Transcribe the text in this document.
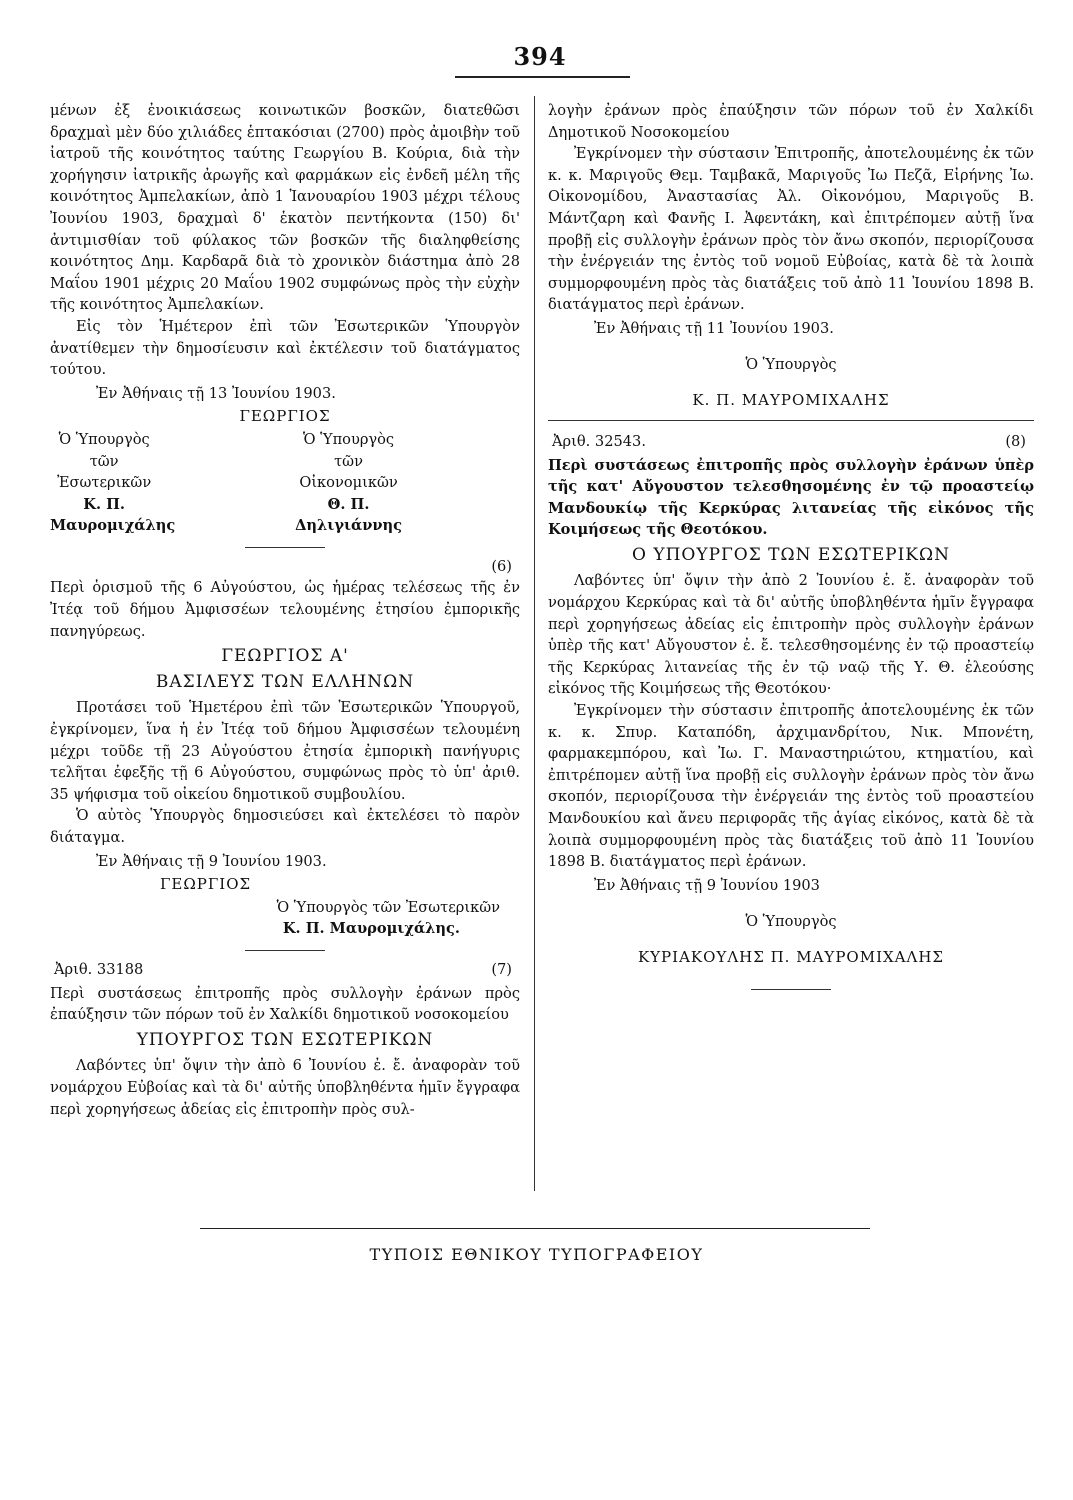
394

μένων ἐξ ἐνοικιάσεως κοινωτικῶν βοσκῶν, διατεθῶσι δραχμαὶ μὲν δύο χιλιάδες ἑπτακόσιαι (2700) πρὸς ἀμοιβὴν τοῦ ἰατροῦ τῆς κοινότητος ταύτης Γεωργίου Β. Κούρια, διὰ τὴν χορήγησιν ἰατρικῆς ἀρωγῆς καὶ φαρμάκων εἰς ἐνδεῆ μέλη τῆς κοινότητος Ἀμπελακίων, ἀπὸ 1 Ἰανουαρίου 1903 μέχρι τέλους Ἰουνίου 1903, δραχμαὶ δ' ἑκατὸν πεντήκοντα (150) δι' ἀντιμισθίαν τοῦ φύλακος τῶν βοσκῶν τῆς διαληφθείσης κοινότητος Δημ. Καρδαρᾶ διὰ τὸ χρονικὸν διάστημα ἀπὸ 28 Μαΐου 1901 μέχρις 20 Μαΐου 1902 συμφώνως πρὸς τὴν εὐχὴν τῆς κοινότητος Ἀμπελακίων.

Εἰς τὸν Ἡμέτερον ἐπὶ τῶν Ἐσωτερικῶν Ὑπουργὸν ἀνατίθεμεν τὴν δημοσίευσιν καὶ ἐκτέλεσιν τοῦ διατάγματος τούτου.

Ἐν Ἀθήναις τῇ 13 Ἰουνίου 1903.

ΓΕΩΡΓΙΟΣ

Ὁ Ὑπουργὸς
τῶν Ἐσωτερικῶν
Κ. Π. Μαυρομιχάλης
Ὁ Ὑπουργὸς
τῶν Οἰκονομικῶν
Θ. Π. Δηλιγιάννης

(6)

Περὶ ὁρισμοῦ τῆς 6 Αὐγούστου, ὡς ἡμέρας τελέσεως τῆς ἐν Ἰτέᾳ τοῦ δήμου Ἀμφισσέων τελουμένης ἐτησίου ἐμπορικῆς πανηγύρεως.

ΓΕΩΡΓΙΟΣ Α'

ΒΑΣΙΛΕΥΣ ΤΩΝ ΕΛΛΗΝΩΝ

Προτάσει τοῦ Ἡμετέρου ἐπὶ τῶν Ἐσωτερικῶν Ὑπουργοῦ, ἐγκρίνομεν, ἵνα ἡ ἐν Ἰτέᾳ τοῦ δήμου Ἀμφισσέων τελουμένη μέχρι τοῦδε τῇ 23 Αὐγούστου ἐτησία ἐμπορικὴ πανήγυρις τελῆται ἐφεξῆς τῇ 6 Αὐγούστου, συμφώνως πρὸς τὸ ὑπ' ἀριθ. 35 ψήφισμα τοῦ οἰκείου δημοτικοῦ συμβουλίου.

Ὁ αὐτὸς Ὑπουργὸς δημοσιεύσει καὶ ἐκτελέσει τὸ παρὸν διάταγμα.

Ἐν Ἀθήναις τῇ 9 Ἰουνίου 1903.

ΓΕΩΡΓΙΟΣ

Ὁ Ὑπουργὸς τῶν Ἐσωτερικῶν

Κ. Π. Μαυρομιχάλης.

Ἀριθ. 33188	(7)

Περὶ συστάσεως ἐπιτροπῆς πρὸς συλλογὴν ἐράνων πρὸς ἐπαύξησιν τῶν πόρων τοῦ ἐν Χαλκίδι δημοτικοῦ νοσοκομείου

ΥΠΟΥΡΓΟΣ ΤΩΝ ΕΣΩΤΕΡΙΚΩΝ

Λαβόντες ὑπ' ὄψιν τὴν ἀπὸ 6 Ἰουνίου ἐ. ἔ. ἀναφορὰν τοῦ νομάρχου Εὐβοίας καὶ τὰ δι' αὐτῆς ὑποβληθέντα ἡμῖν ἔγγραφα περὶ χορηγήσεως ἀδείας εἰς ἐπιτροπὴν πρὸς συλ-

λογὴν ἐράνων πρὸς ἐπαύξησιν τῶν πόρων τοῦ ἐν Χαλκίδι Δημοτικοῦ Νοσοκομείου

Ἐγκρίνομεν τὴν σύστασιν Ἐπιτροπῆς, ἀποτελουμένης ἐκ τῶν κ. κ. Μαριγοῦς Θεμ. Ταμβακᾶ, Μαριγοῦς Ἰω Πεζᾶ, Εἰρήνης Ἰω. Οἰκονομίδου, Ἀναστασίας Ἀλ. Οἰκονόμου, Μαριγοῦς Β. Μάντζαρη καὶ Φανῆς Ι. Ἀφεντάκη, καὶ ἐπιτρέπομεν αὐτῇ ἵνα προβῇ εἰς συλλογὴν ἐράνων πρὸς τὸν ἄνω σκοπόν, περιορίζουσα τὴν ἐνέργειάν της ἐντὸς τοῦ νομοῦ Εὐβοίας, κατὰ δὲ τὰ λοιπὰ συμμορφουμένη πρὸς τὰς διατάξεις τοῦ ἀπὸ 11 Ἰουνίου 1898 Β. διατάγματος περὶ ἐράνων.

Ἐν Ἀθήναις τῇ 11 Ἰουνίου 1903.

Ὁ Ὑπουργὸς

Κ. Π. ΜΑΥΡΟΜΙΧΑΛΗΣ

Ἀριθ. 32543.	(8)

Περὶ συστάσεως ἐπιτροπῆς πρὸς συλλογὴν ἐράνων ὑπὲρ τῆς κατ' Αὔγουστον τελεσθησομένης ἐν τῷ προαστείῳ Μανδουκίῳ τῆς Κερκύρας λιτανείας τῆς εἰκόνος τῆς Κοιμήσεως τῆς Θεοτόκου.

Ο ΥΠΟΥΡΓΟΣ ΤΩΝ ΕΣΩΤΕΡΙΚΩΝ

Λαβόντες ὑπ' ὄψιν τὴν ἀπὸ 2 Ἰουνίου ἐ. ἔ. ἀναφορὰν τοῦ νομάρχου Κερκύρας καὶ τὰ δι' αὐτῆς ὑποβληθέντα ἡμῖν ἔγγραφα περὶ χορηγήσεως ἀδείας εἰς ἐπιτροπὴν πρὸς συλλογὴν ἐράνων ὑπὲρ τῆς κατ' Αὔγουστον ἐ. ἔ. τελεσθησομένης ἐν τῷ προαστείῳ τῆς Κερκύρας λιτανείας τῆς ἐν τῷ ναῷ τῆς Υ. Θ. ἐλεούσης εἰκόνος τῆς Κοιμήσεως τῆς Θεοτόκου·

Ἐγκρίνομεν τὴν σύστασιν ἐπιτροπῆς ἀποτελουμένης ἐκ τῶν κ. κ. Σπυρ. Καταπόδη, ἀρχιμανδρίτου, Νικ. Μπονέτη, φαρμακεμπόρου, καὶ Ἰω. Γ. Μαναστηριώτου, κτηματίου, καὶ ἐπιτρέπομεν αὐτῇ ἵνα προβῇ εἰς συλλογὴν ἐράνων πρὸς τὸν ἄνω σκοπόν, περιορίζουσα τὴν ἐνέργειάν της ἐντὸς τοῦ προαστείου Μανδουκίου καὶ ἄνευ περιφορᾶς τῆς ἁγίας εἰκόνος, κατὰ δὲ τὰ λοιπὰ συμμορφουμένη πρὸς τὰς διατάξεις τοῦ ἀπὸ 11 Ἰουνίου 1898 Β. διατάγματος περὶ ἐράνων.

Ἐν Ἀθήναις τῇ 9 Ἰουνίου 1903

Ὁ Ὑπουργὸς

ΚΥΡΙΑΚΟΥΛΗΣ Π. ΜΑΥΡΟΜΙΧΑΛΗΣ

ΤΥΠΟΙΣ ΕΘΝΙΚΟΥ ΤΥΠΟΓΡΑΦΕΙΟΥ
